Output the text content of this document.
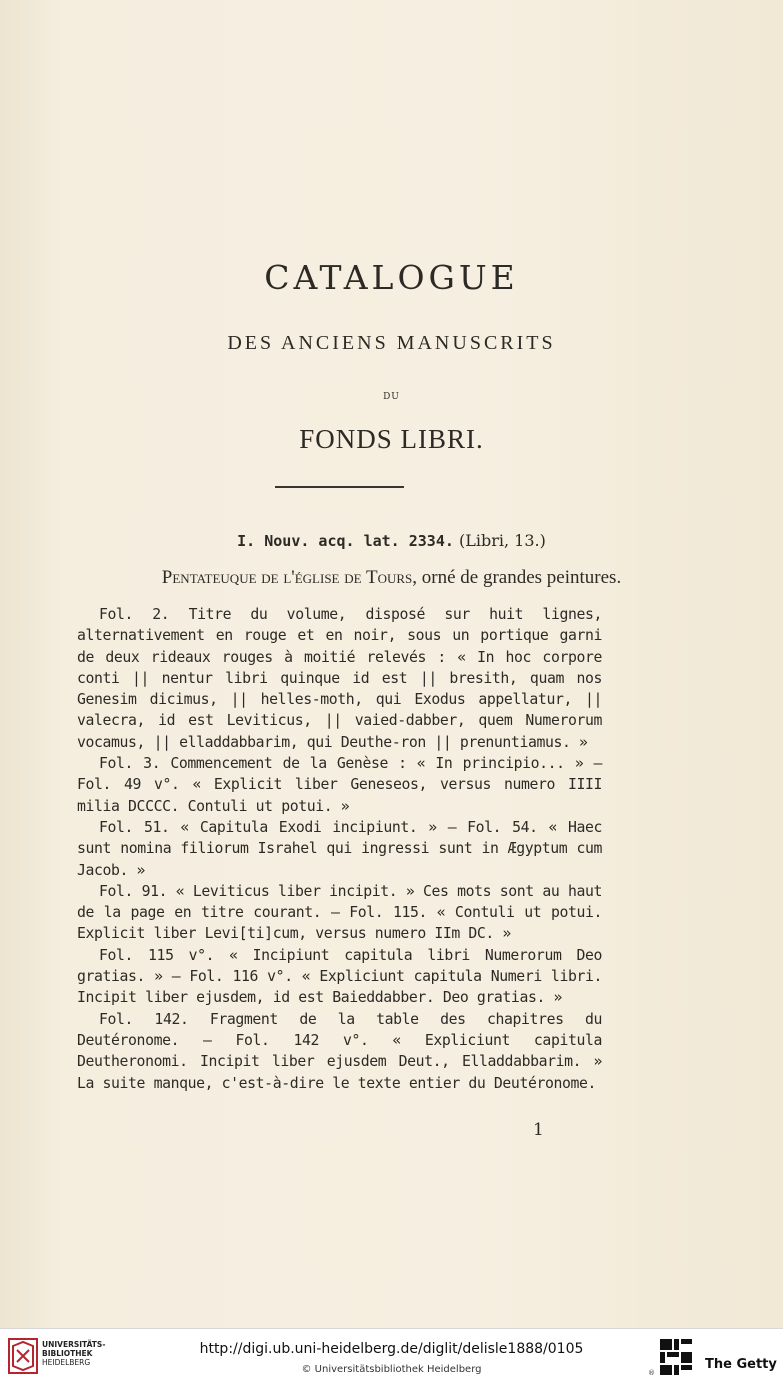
CATALOGUE
DES ANCIENS MANUSCRITS
DU
FONDS LIBRI.
I. Nouv. acq. lat. 2334. (Libri, 13.)
Pentateuque de l'église de Tours, orné de grandes peintures.

Fol. 2. Titre du volume, disposé sur huit lignes, alternativement en rouge et en noir, sous un portique garni de deux rideaux rouges à moitié relevés : « In hoc corpore conti || nentur libri quinque id est || bresith, quam nos Genesim dicimus, || helles-moth, qui Exodus appellatur, || valecra, id est Leviticus, || vaied-dabber, quem Numerorum vocamus, || elladdabbarim, qui Deuthe-ron || prenuntiamus. »

Fol. 3. Commencement de la Genèse : « In principio... » — Fol. 49 v°. « Explicit liber Geneseos, versus numero IIII milia DCCCC. Contuli ut potui. »

Fol. 51. « Capitula Exodi incipiunt. » — Fol. 54. « Haec sunt nomina filiorum Israhel qui ingressi sunt in Ægyptum cum Jacob. »

Fol. 91. « Leviticus liber incipit. » Ces mots sont au haut de la page en titre courant. — Fol. 115. « Contuli ut potui. Explicit liber Levi[ti]cum, versus numero IIm DC. »

Fol. 115 v°. « Incipiunt capitula libri Numerorum Deo gratias. » — Fol. 116 v°. « Expliciunt capitula Numeri libri. Incipit liber ejusdem, id est Baieddabber. Deo gratias. »

Fol. 142. Fragment de la table des chapitres du Deutéronome. — Fol. 142 v°. « Expliciunt capitula Deutheronomi. Incipit liber ejusdem Deut., Elladdabbarim. » La suite manque, c'est-à-dire le texte entier du Deutéronome.

1
UNIVERSITÄTS-
BIBLIOTHEK
HEIDELBERG
http://digi.ub.uni-heidelberg.de/diglit/delisle1888/0105
© Universitätsbibliothek Heidelberg	®
The Getty
